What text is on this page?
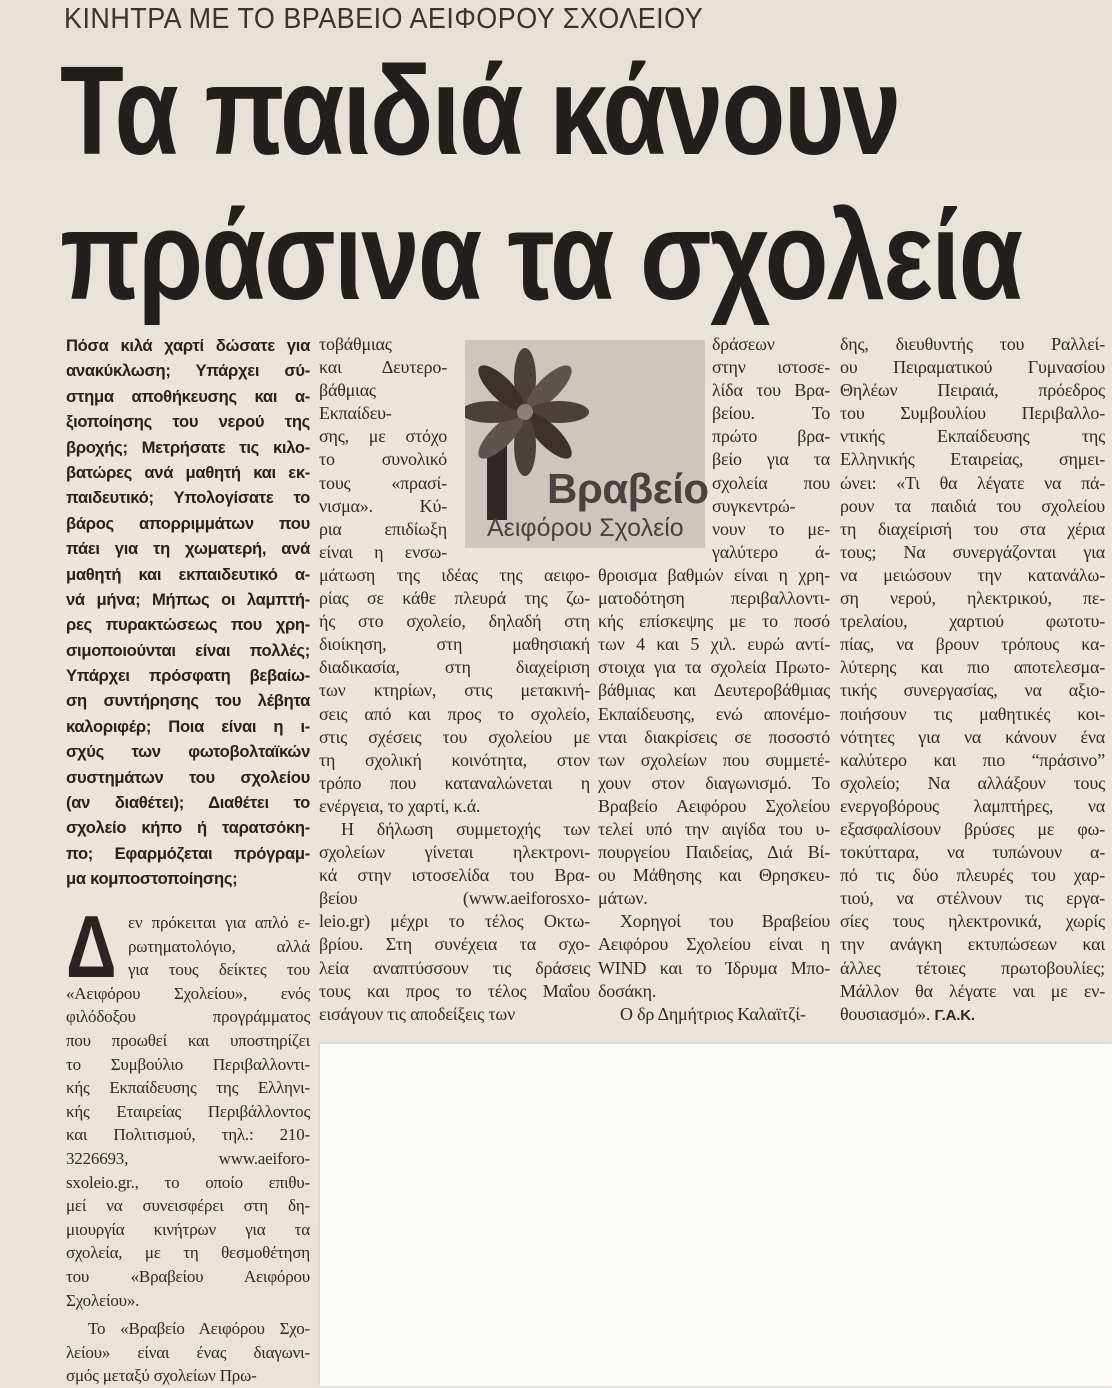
ΚΙΝΗΤΡΑ ΜΕ ΤΟ ΒΡΑΒΕΙΟ ΑΕΙΦΟΡΟΥ ΣΧΟΛΕΙΟΥ
Τα παιδιά κάνουν
πράσινα τα σχολεία
Πόσα κιλά χαρτί δώσατε για
ανακύκλωση; Υπάρχει σύ-
στημα αποθήκευσης και α-
ξιοποίησης του νερού της
βροχής; Μετρήσατε τις κιλο-
βατώρες ανά μαθητή και εκ-
παιδευτικό; Υπολογίσατε το
βάρος απορριμμάτων που
πάει για τη χωματερή, ανά
μαθητή και εκπαιδευτικό α-
νά μήνα; Μήπως οι λαμπτή-
ρες πυρακτώσεως που χρη-
σιμοποιούνται είναι πολλές;
Υπάρχει πρόσφατη βεβαίω-
ση συντήρησης του λέβητα
καλοριφέρ; Ποια είναι η ι-
σχύς των φωτοβολταϊκών
συστημάτων του σχολείου
(αν διαθέτει); Διαθέτει το
σχολείο κήπο ή ταρατσόκη-
πο; Εφαρμόζεται πρόγραμ-
μα κομποστοποίησης;
Δ εν πρόκειται για απλό ε-
ρωτηματολόγιο, αλλά
για τους δείκτες του
«Αειφόρου Σχολείου», ενός
φιλόδοξου προγράμματος
που προωθεί και υποστηρίζει
το Συμβούλιο Περιβαλλοντι-
κής Εκπαίδευσης της Ελληνι-
κής Εταιρείας Περιβάλλοντος
και Πολιτισμού, τηλ.: 210-
3226693, www.aeiforo-
sxoleio.gr., το οποίο επιθυ-
μεί να συνεισφέρει στη δη-
μιουργία κινήτρων για τα
σχολεία, με τη θεσμοθέτηση
του «Βραβείου Αειφόρου
Σχολείου».
Το «Βραβείο Αειφόρου Σχο-
λείου» είναι ένας διαγωνι-
σμός μεταξύ σχολείων Πρω-
τοβάθμιας
και Δευτερο-
βάθμιας
Εκπαίδευ-
σης, με στόχο
το συνολικό
τους «πρασί-
νισμα». Κύ-
ρια επιδίωξη
είναι η ενσω-
μάτωση της ιδέας της αειφο-
ρίας σε κάθε πλευρά της ζω-
ής στο σχολείο, δηλαδή στη
διοίκηση, στη μαθησιακή
διαδικασία, στη διαχείριση
των κτηρίων, στις μετακινή-
σεις από και προς το σχολείο,
στις σχέσεις του σχολείου με
τη σχολική κοινότητα, στον
τρόπο που καταναλώνεται η
ενέργεια, το χαρτί, κ.ά.
Η δήλωση συμμετοχής των
σχολείων γίνεται ηλεκτρονι-
κά στην ιστοσελίδα του Βρα-
βείου (www.aeiforosxo-
leio.gr) μέχρι το τέλος Οκτω-
βρίου. Στη συνέχεια τα σχο-
λεία αναπτύσσουν τις δράσεις
τους και προς το τέλος Μαΐου
εισάγουν τις αποδείξεις των
δράσεων
στην ιστοσε-
λίδα του Βρα-
βείου. Το
πρώτο βρα-
βείο για τα
σχολεία που
συγκεντρώ-
νουν το με-
γαλύτερο ά-
θροισμα βαθμών είναι η χρη-
ματοδότηση περιβαλλοντι-
κής επίσκεψης με το ποσό
των 4 και 5 χιλ. ευρώ αντί-
στοιχα για τα σχολεία Πρωτο-
βάθμιας και Δευτεροβάθμιας
Εκπαίδευσης, ενώ απονέμο-
νται διακρίσεις σε ποσοστό
των σχολείων που συμμετέ-
χουν στον διαγωνισμό. Το
Βραβείο Αειφόρου Σχολείου
τελεί υπό την αιγίδα του υ-
πουργείου Παιδείας, Διά Βί-
ου Μάθησης και Θρησκευ-
μάτων.
Χορηγοί του Βραβείου
Αειφόρου Σχολείου είναι η
WIND και το Ίδρυμα Μπο-
δοσάκη.
Ο δρ Δημήτριος Καλαϊτζί-
δης, διευθυντής του Ραλλεί-
ου Πειραματικού Γυμνασίου
Θηλέων Πειραιά, πρόεδρος
του Συμβουλίου Περιβαλλο-
ντικής Εκπαίδευσης της
Ελληνικής Εταιρείας, σημει-
ώνει: «Τι θα λέγατε να πά-
ρουν τα παιδιά του σχολείου
τη διαχείρισή του στα χέρια
τους; Να συνεργάζονται για
να μειώσουν την κατανάλω-
ση νερού, ηλεκτρικού, πε-
τρελαίου, χαρτιού φωτοτυ-
πίας, να βρουν τρόπους κα-
λύτερης και πιο αποτελεσμα-
τικής συνεργασίας, να αξιο-
ποιήσουν τις μαθητικές κοι-
νότητες για να κάνουν ένα
καλύτερο και πιο “πράσινο”
σχολείο; Να αλλάξουν τους
ενεργοβόρους λαμπτήρες, να
εξασφαλίσουν βρύσες με φω-
τοκύτταρα, να τυπώνουν α-
πό τις δύο πλευρές του χαρ-
τιού, να στέλνουν τις εργα-
σίες τους ηλεκτρονικά, χωρίς
την ανάγκη εκτυπώσεων και
άλλες τέτοιες πρωτοβουλίες;
Μάλλον θα λέγατε ναι με εν-
θουσιασμό». Γ.Α.Κ.
Βραβείο
Αειφόρου Σχολείο
